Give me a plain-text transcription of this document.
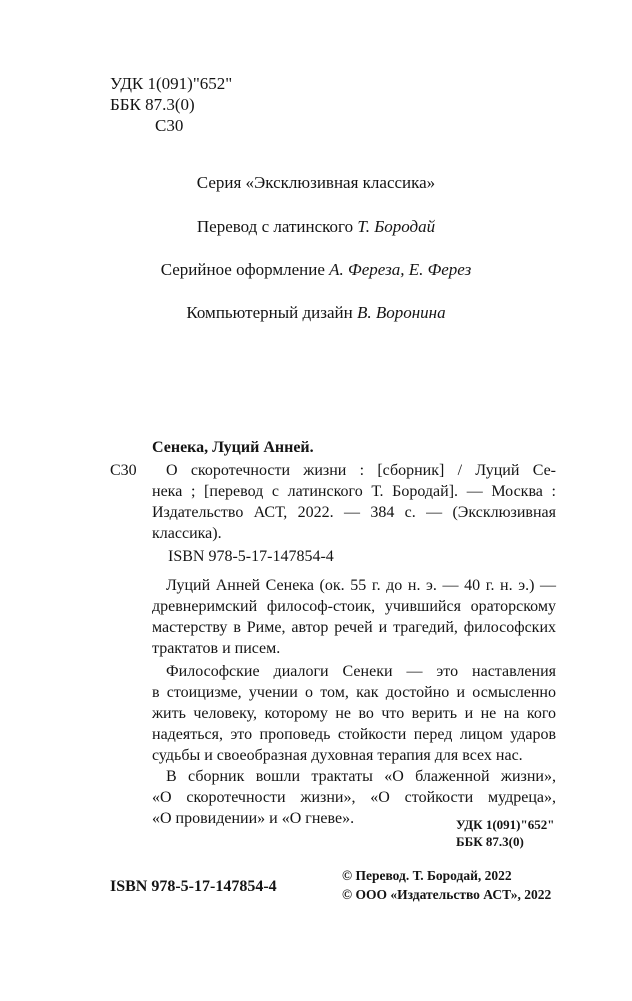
УДК 1(091)"652"
ББК 87.3(0)
С30
Серия «Эксклюзивная классика»
Перевод с латинского Т. Бородай
Серийное оформление А. Фереза, Е. Ферез
Компьютерный дизайн В. Воронина
Сенека, Луций Анней.
С30	О скоротечности жизни : [сборник] / Луций Се-
нека ; [перевод с латинского Т. Бородай]. — Москва :
Издательство АСТ, 2022. — 384 с. — (Эксклюзивная
классика).
ISBN 978-5-17-147854-4
Луций Анней Сенека (ок. 55 г. до н. э. — 40 г. н. э.) —
древнеримский философ-стоик, учившийся ораторскому
мастерству в Риме, автор речей и трагедий, философских
трактатов и писем.
Философские диалоги Сенеки — это наставления
в стоицизме, учении о том, как достойно и осмысленно
жить человеку, которому не во что верить и не на кого
надеяться, это проповедь стойкости перед лицом ударов
судьбы и своеобразная духовная терапия для всех нас.
В сборник вошли трактаты «О блаженной жизни»,
«О скоротечности жизни», «О стойкости мудреца»,
«О провидении» и «О гневе».	УДК 1(091)"652"
ББК 87.3(0)
ISBN 978-5-17-147854-4
© Перевод. Т. Бородай, 2022
© ООО «Издательство АСТ», 2022
